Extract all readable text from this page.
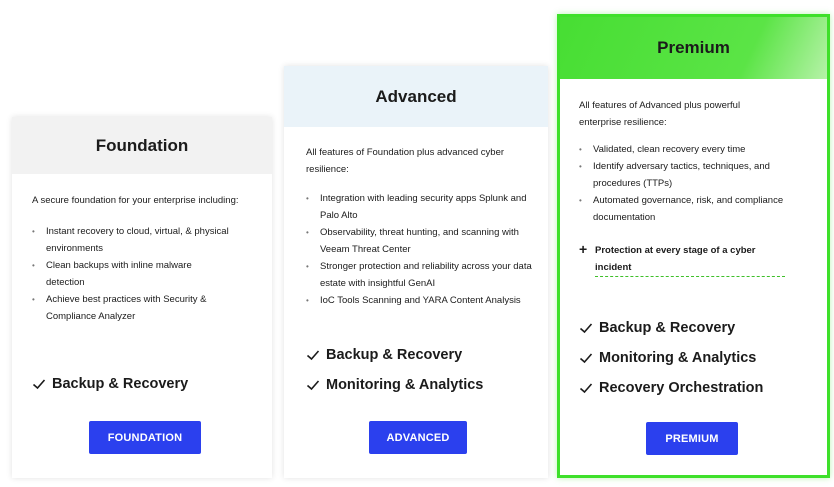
Foundation
A secure foundation for your enterprise including:
• Instant recovery to cloud, virtual, & physical environments
• Clean backups with inline malware detection
• Achieve best practices with Security & Compliance Analyzer
Backup & Recovery
FOUNDATION
Advanced
All features of Foundation plus advanced cyber resilience:
• Integration with leading security apps Splunk and Palo Alto
• Observability, threat hunting, and scanning with Veeam Threat Center
• Stronger protection and reliability across your data estate with insightful GenAI
• IoC Tools Scanning and YARA Content Analysis
Backup & Recovery
Monitoring & Analytics
ADVANCED
Premium
All features of Advanced plus powerful enterprise resilience:
• Validated, clean recovery every time
• Identify adversary tactics, techniques, and procedures (TTPs)
• Automated governance, risk, and compliance documentation
+ Protection at every stage of a cyber incident
Backup & Recovery
Monitoring & Analytics
Recovery Orchestration
PREMIUM
